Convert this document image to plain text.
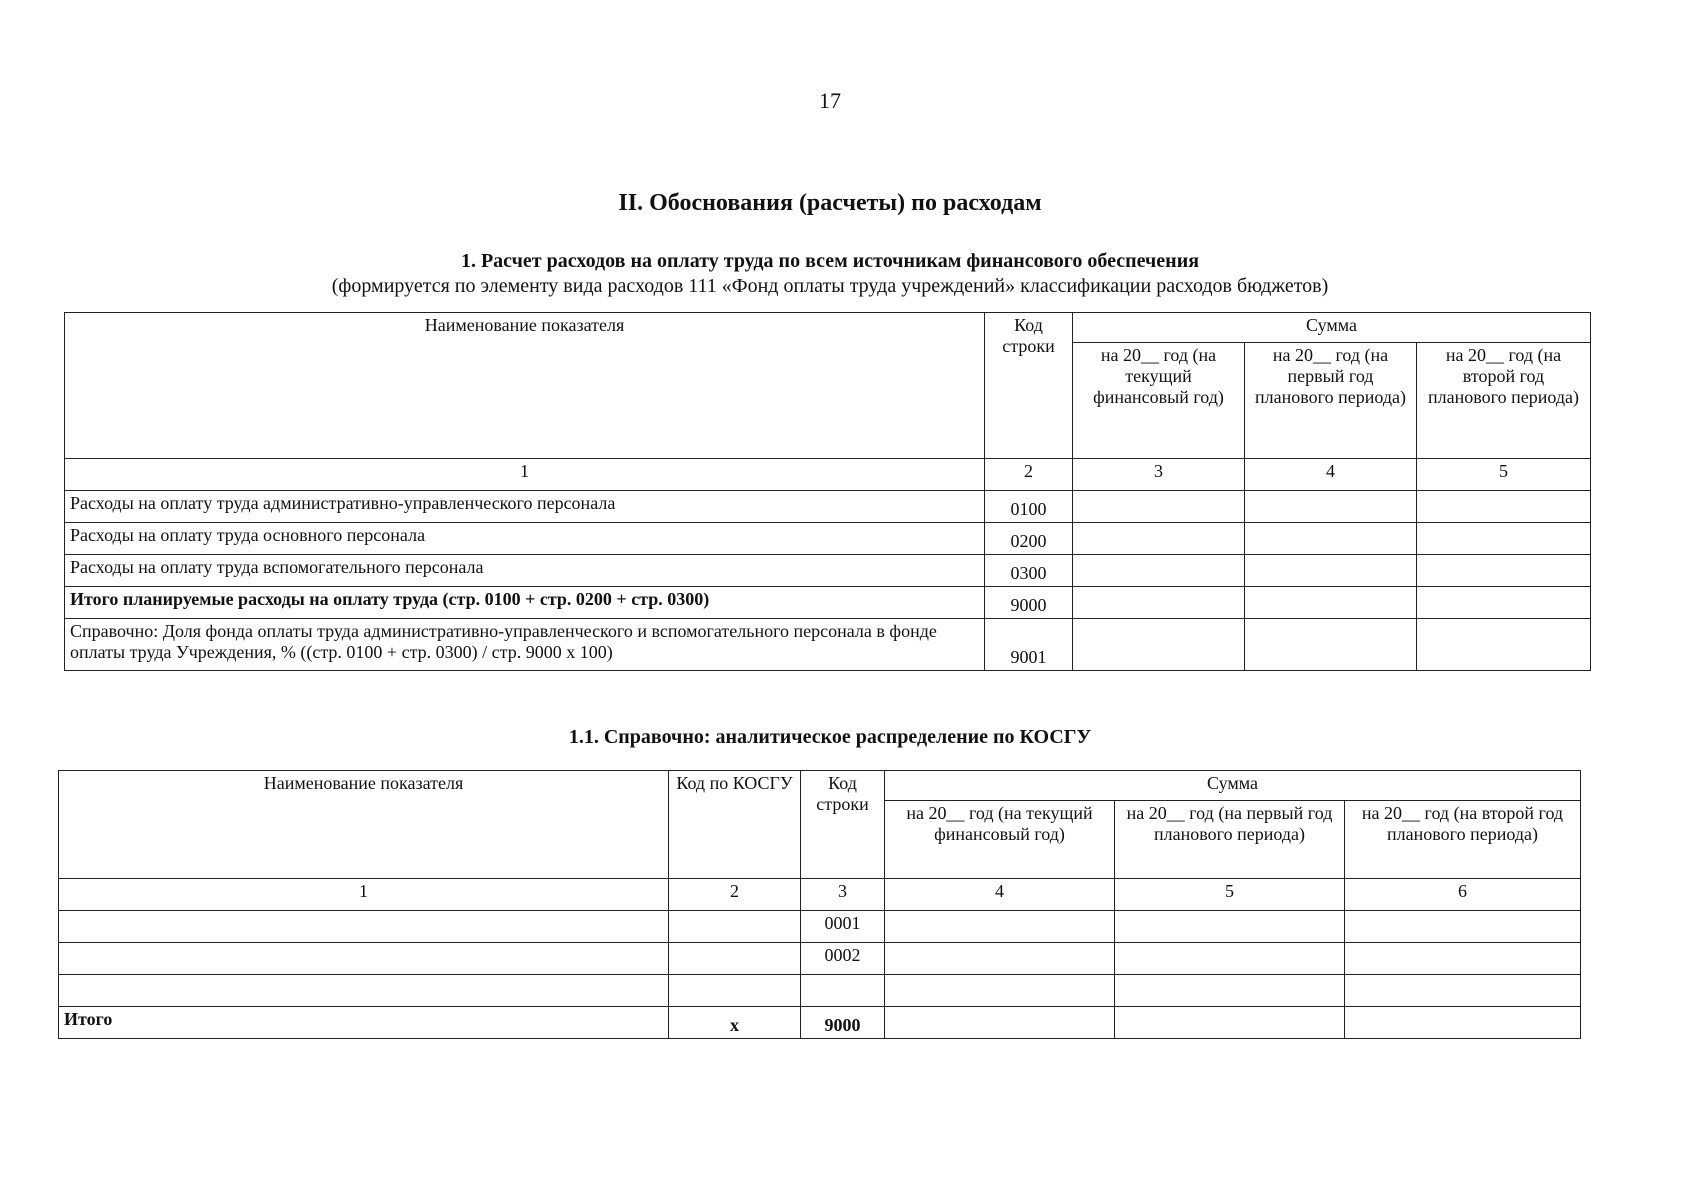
17
II. Обоснования (расчеты) по расходам
1. Расчет расходов на оплату труда по всем источникам финансового обеспечения
(формируется по элементу вида расходов 111 «Фонд оплаты труда учреждений» классификации расходов бюджетов)
Наименование показателя	Код строки	Сумма		
		на 20__ год (на текущий финансовый год)	на 20__ год (на первый год планового периода)	на 20__ год (на второй год планового периода)
1	2	3	4	5
Расходы на оплату труда административно-управленческого персонала	0100			
Расходы на оплату труда основного персонала	0200			
Расходы на оплату труда вспомогательного персонала	0300			
Итого планируемые расходы на оплату труда (стр. 0100 + стр. 0200 + стр. 0300)	9000			
Справочно: Доля фонда оплаты труда административно-управленческого и вспомогательного персонала в фонде оплаты труда Учреждения, % ((стр. 0100 + стр. 0300) / стр. 9000 x 100)	9001			
1.1. Справочно: аналитическое распределение по КОСГУ
Наименование показателя	Код по КОСГУ	Код строки	Сумма		
			на 20__ год (на текущий финансовый год)	на 20__ год (на первый год планового периода)	на 20__ год (на второй год планового периода)
1	2	3	4	5	6
		0001			
		0002			

Итого	х	9000			
